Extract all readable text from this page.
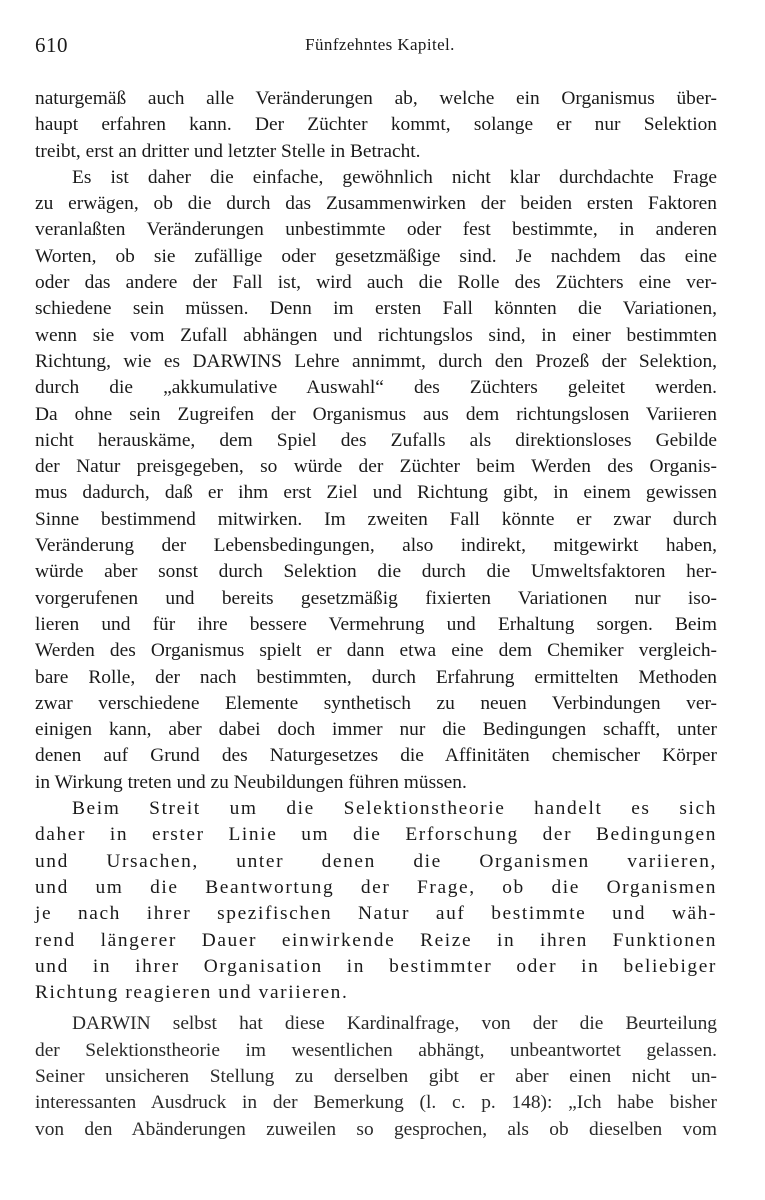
610	Fünfzehntes Kapitel.
naturgemäß auch alle Veränderungen ab, welche ein Organismus über-
haupt erfahren kann. Der Züchter kommt, solange er nur Selektion
treibt, erst an dritter und letzter Stelle in Betracht.
Es ist daher die einfache, gewöhnlich nicht klar durchdachte Frage
zu erwägen, ob die durch das Zusammenwirken der beiden ersten Faktoren
veranlaßten Veränderungen unbestimmte oder fest bestimmte, in anderen
Worten, ob sie zufällige oder gesetzmäßige sind. Je nachdem das eine
oder das andere der Fall ist, wird auch die Rolle des Züchters eine ver-
schiedene sein müssen. Denn im ersten Fall könnten die Variationen,
wenn sie vom Zufall abhängen und richtungslos sind, in einer bestimmten
Richtung, wie es DARWINS Lehre annimmt, durch den Prozeß der Selektion,
durch die „akkumulative Auswahl“ des Züchters geleitet werden.
Da ohne sein Zugreifen der Organismus aus dem richtungslosen Variieren
nicht herauskäme, dem Spiel des Zufalls als direktionsloses Gebilde
der Natur preisgegeben, so würde der Züchter beim Werden des Organis-
mus dadurch, daß er ihm erst Ziel und Richtung gibt, in einem gewissen
Sinne bestimmend mitwirken. Im zweiten Fall könnte er zwar durch
Veränderung der Lebensbedingungen, also indirekt, mitgewirkt haben,
würde aber sonst durch Selektion die durch die Umweltsfaktoren her-
vorgerufenen und bereits gesetzmäßig fixierten Variationen nur iso-
lieren und für ihre bessere Vermehrung und Erhaltung sorgen. Beim
Werden des Organismus spielt er dann etwa eine dem Chemiker vergleich-
bare Rolle, der nach bestimmten, durch Erfahrung ermittelten Methoden
zwar verschiedene Elemente synthetisch zu neuen Verbindungen ver-
einigen kann, aber dabei doch immer nur die Bedingungen schafft, unter
denen auf Grund des Naturgesetzes die Affinitäten chemischer Körper
in Wirkung treten und zu Neubildungen führen müssen.
Beim Streit um die Selektionstheorie handelt es sich
daher in erster Linie um die Erforschung der Bedingungen
und Ursachen, unter denen die Organismen variieren,
und um die Beantwortung der Frage, ob die Organismen
je nach ihrer spezifischen Natur auf bestimmte und wäh-
rend längerer Dauer einwirkende Reize in ihren Funktionen
und in ihrer Organisation in bestimmter oder in beliebiger
Richtung reagieren und variieren.
DARWIN selbst hat diese Kardinalfrage, von der die Beurteilung
der Selektionstheorie im wesentlichen abhängt, unbeantwortet gelassen.
Seiner unsicheren Stellung zu derselben gibt er aber einen nicht un-
interessanten Ausdruck in der Bemerkung (l. c. p. 148): „Ich habe bisher
von den Abänderungen zuweilen so gesprochen, als ob dieselben vom
